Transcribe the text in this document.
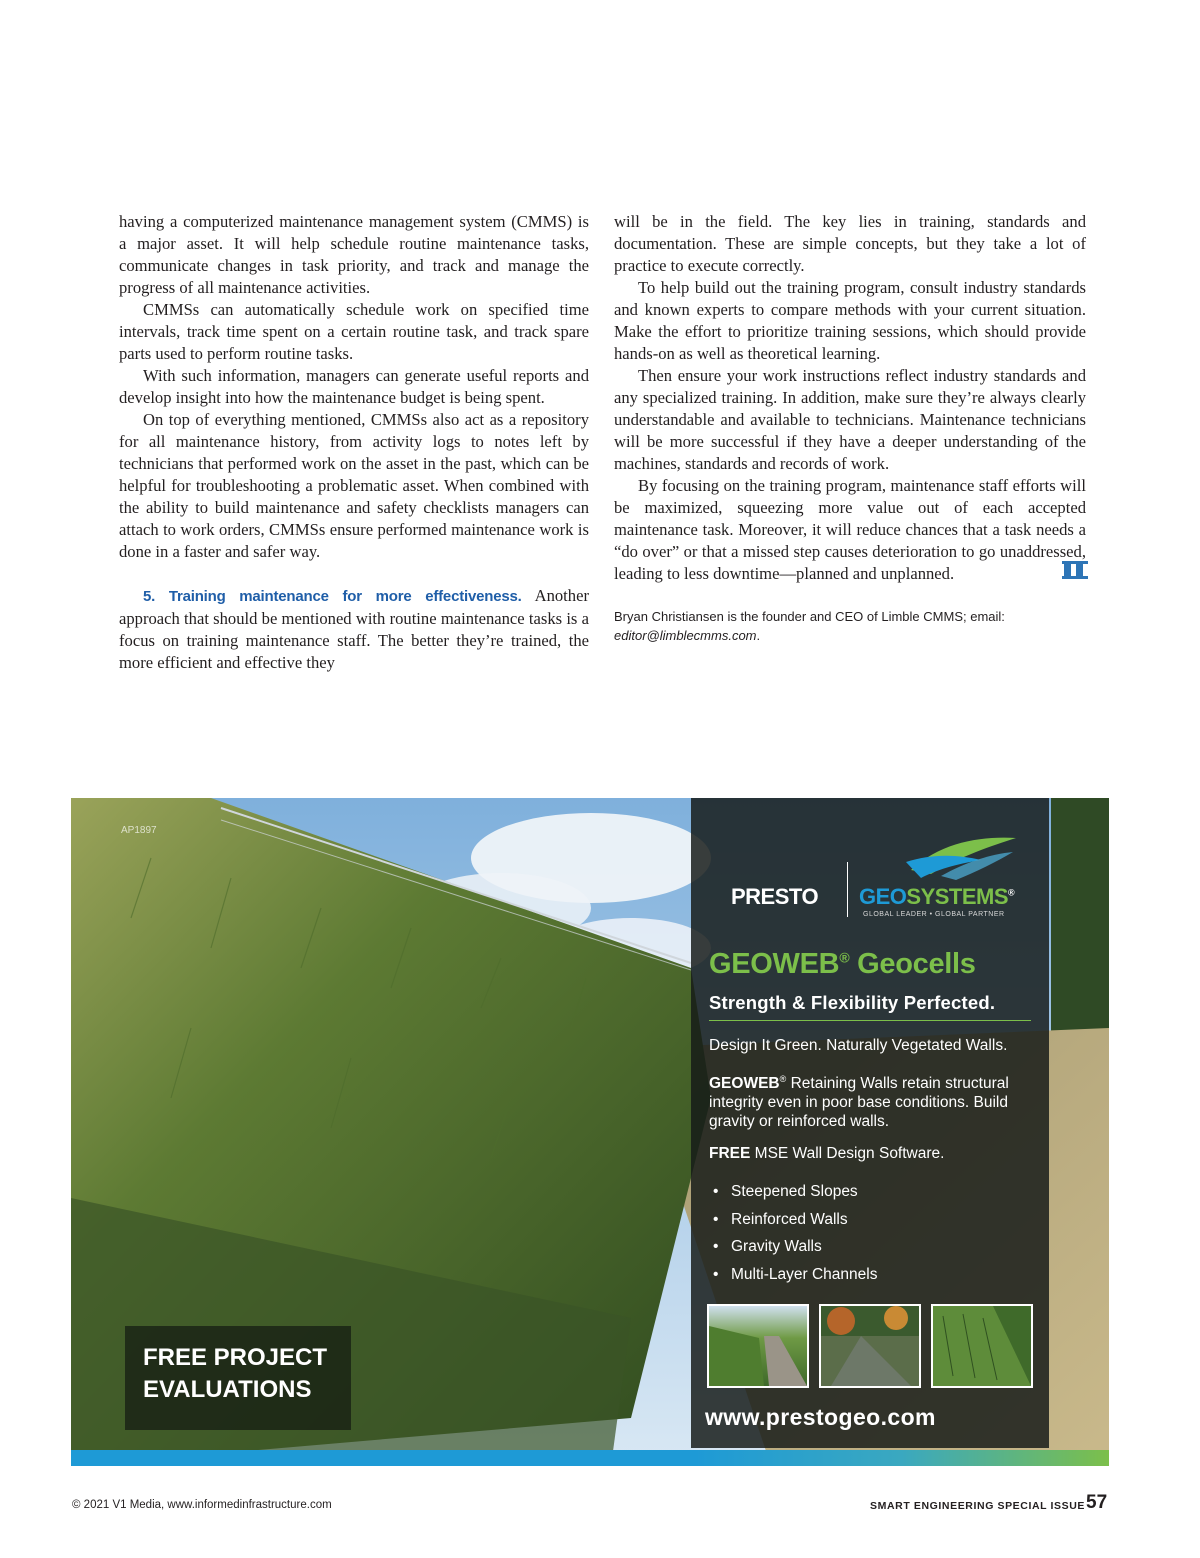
having a computerized maintenance management system (CMMS) is a major asset. It will help schedule routine maintenance tasks, communicate changes in task priority, and track and manage the progress of all maintenance activities.

CMMSs can automatically schedule work on specified time intervals, track time spent on a certain routine task, and track spare parts used to perform routine tasks.

With such information, managers can generate useful reports and develop insight into how the maintenance budget is being spent.

On top of everything mentioned, CMMSs also act as a repository for all maintenance history, from activity logs to notes left by technicians that performed work on the asset in the past, which can be helpful for troubleshooting a problematic asset. When combined with the ability to build maintenance and safety checklists managers can attach to work orders, CMMSs ensure performed maintenance work is done in a faster and safer way.

5. Training maintenance for more effectiveness. Another approach that should be mentioned with routine maintenance tasks is a focus on training maintenance staff. The better they’re trained, the more efficient and effective they

will be in the field. The key lies in training, standards and documentation. These are simple concepts, but they take a lot of practice to execute correctly.

To help build out the training program, consult industry standards and known experts to compare methods with your current situation. Make the effort to prioritize training sessions, which should provide hands-on as well as theoretical learning.

Then ensure your work instructions reflect industry standards and any specialized training. In addition, make sure they’re always clearly understandable and available to technicians. Maintenance technicians will be more successful if they have a deeper understanding of the machines, standards and records of work.

By focusing on the training program, maintenance staff efforts will be maximized, squeezing more value out of each accepted maintenance task. Moreover, it will reduce chances that a task needs a “do over” or that a missed step causes deterioration to go unaddressed, leading to less downtime—planned and unplanned.

Bryan Christiansen is the founder and CEO of Limble CMMS; email: editor@limblecmms.com.
AP1897
PRESTO GEOSYSTEMS®
GLOBAL LEADER • GLOBAL PARTNER
GEOWEB® Geocells
Strength & Flexibility Perfected.
Design It Green. Naturally Vegetated Walls.
GEOWEB® Retaining Walls retain structural integrity even in poor base conditions. Build gravity or reinforced walls.
FREE MSE Wall Design Software.
• Steepened Slopes
• Reinforced Walls
• Gravity Walls
• Multi-Layer Channels
www.prestogeo.com
FREE PROJECT
EVALUATIONS
© 2021 V1 Media, www.informedinfrastructure.com	SMART ENGINEERING SPECIAL ISSUE 57
